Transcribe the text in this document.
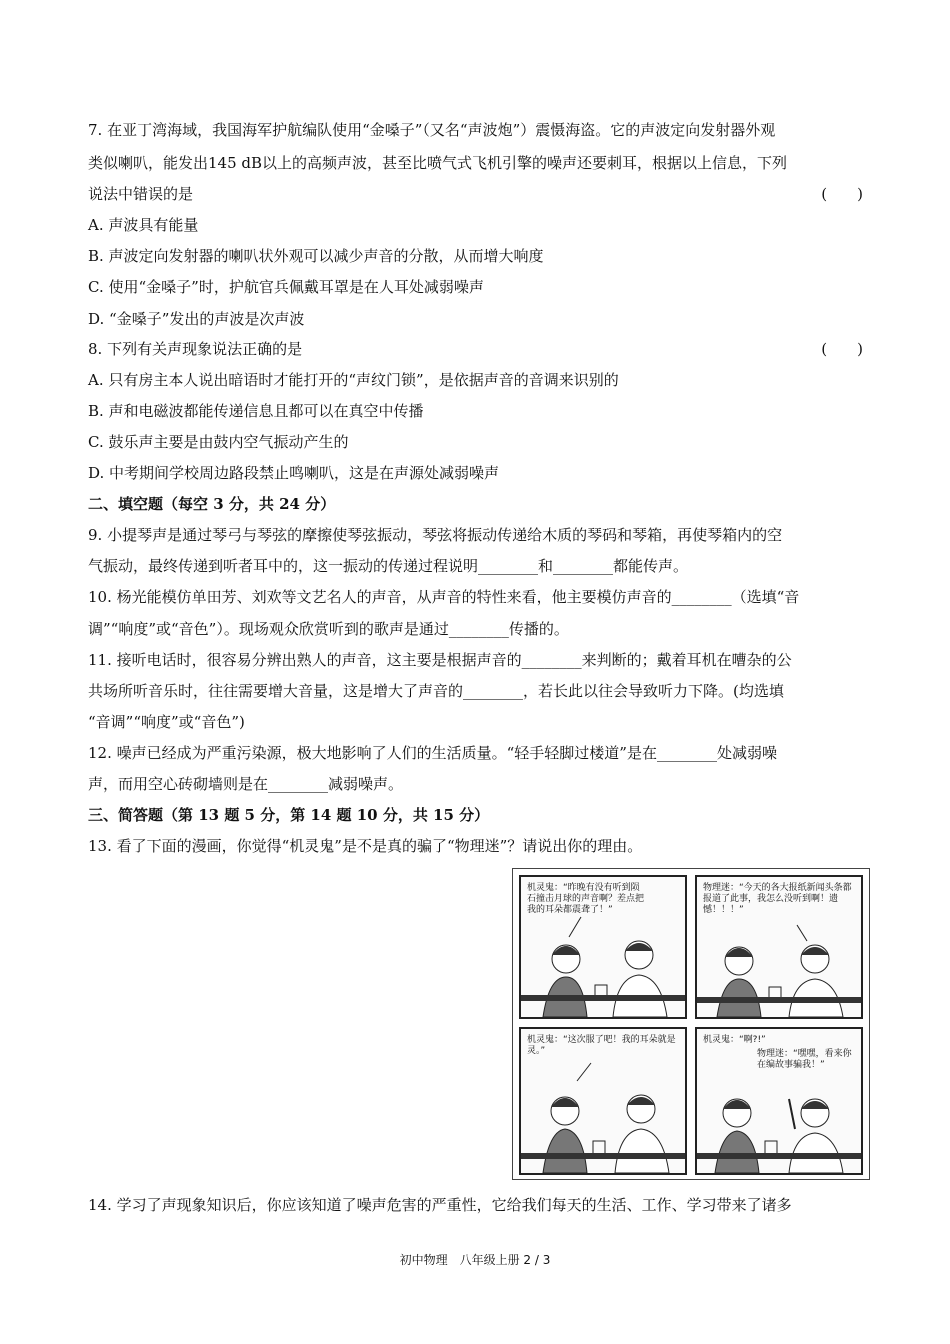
7. 在亚丁湾海域，我国海军护航编队使用“金嗓子”（又名“声波炮”）震慑海盗。它的声波定向发射器外观
类似喇叭，能发出145 dB以上的高频声波，甚至比喷气式飞机引擎的噪声还要刺耳，根据以上信息，下列
说法中错误的是	(　　)
A. 声波具有能量
B. 声波定向发射器的喇叭状外观可以减少声音的分散，从而增大响度
C. 使用“金嗓子”时，护航官兵佩戴耳罩是在人耳处减弱噪声
D. “金嗓子”发出的声波是次声波
8. 下列有关声现象说法正确的是	(　　)
A. 只有房主本人说出暗语时才能打开的“声纹门锁”，是依据声音的音调来识别的
B. 声和电磁波都能传递信息且都可以在真空中传播
C. 鼓乐声主要是由鼓内空气振动产生的
D. 中考期间学校周边路段禁止鸣喇叭，这是在声源处减弱噪声
二、填空题（每空 3 分，共 24 分）
9. 小提琴声是通过琴弓与琴弦的摩擦使琴弦振动，琴弦将振动传递给木质的琴码和琴箱，再使琴箱内的空
气振动，最终传递到听者耳中的，这一振动的传递过程说明________和________都能传声。
10. 杨光能模仿单田芳、刘欢等文艺名人的声音，从声音的特性来看，他主要模仿声音的________（选填“音
调”“响度”或“音色”）。现场观众欣赏听到的歌声是通过________传播的。
11. 接听电话时，很容易分辨出熟人的声音，这主要是根据声音的________来判断的；戴着耳机在嘈杂的公
共场所听音乐时，往往需要增大音量，这是增大了声音的________，若长此以往会导致听力下降。(均选填
“音调”“响度”或“音色”)
12. 噪声已经成为严重污染源，极大地影响了人们的生活质量。“轻手轻脚过楼道”是在________处减弱噪
声，而用空心砖砌墙则是在________减弱噪声。
三、简答题（第 13 题 5 分，第 14 题 10 分，共 15 分）
13. 看了下面的漫画，你觉得“机灵鬼”是不是真的骗了“物理迷”？请说出你的理由。
机灵鬼：“昨晚有没有听到陨石撞击月球的声音啊？差点把我的耳朵都震聋了！”
物理迷：“今天的各大报纸新闻头条都报道了此事，我怎么没听到啊！遗憾！！！”
机灵鬼：“这次服了吧！我的耳朵就是灵。”
机灵鬼：“啊?!”
物理迷：“嘿嘿，看来你在编故事骗我！”
14. 学习了声现象知识后，你应该知道了噪声危害的严重性，它给我们每天的生活、工作、学习带来了诸多
初中物理　八年级上册 2 / 3
